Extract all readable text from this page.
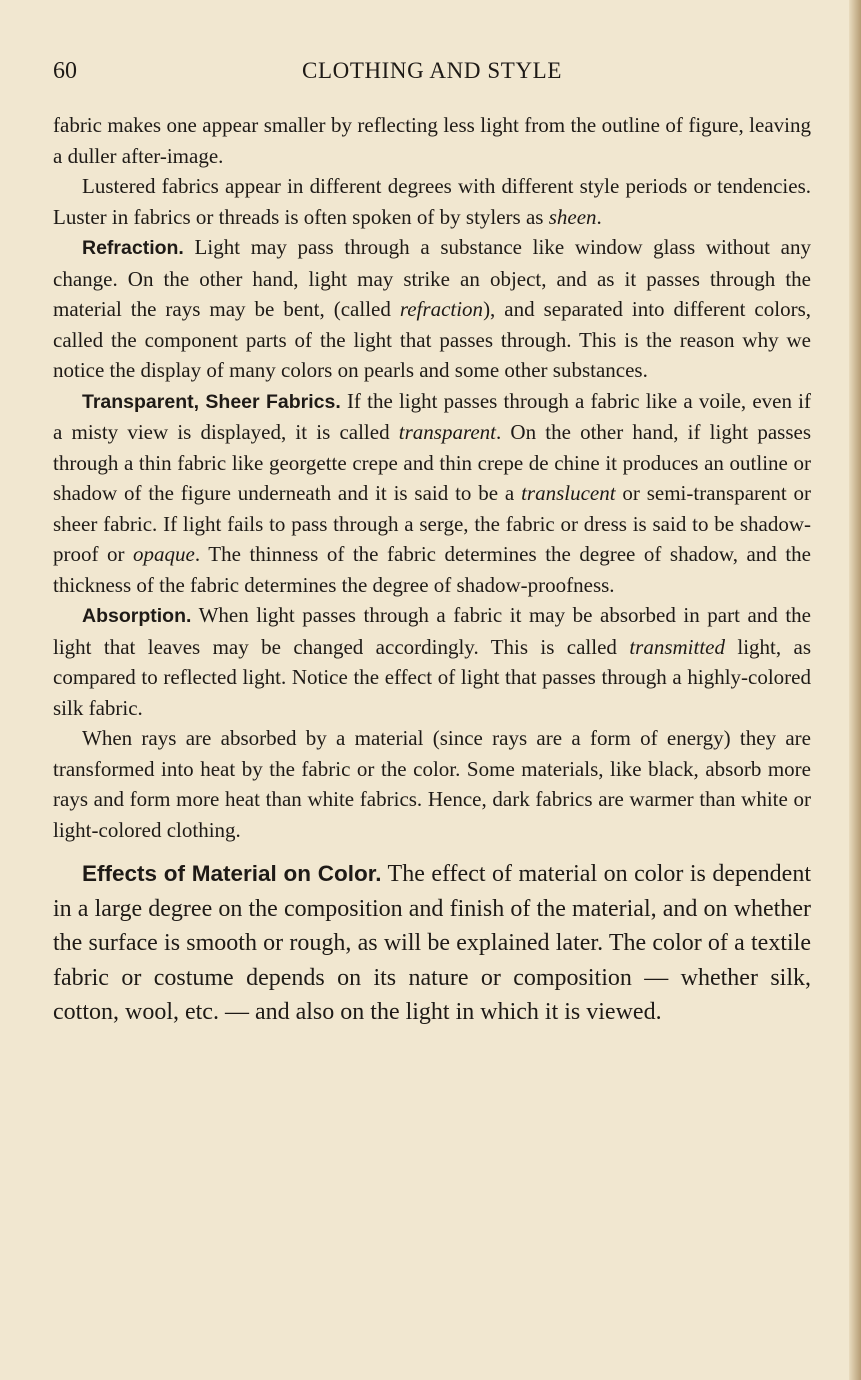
60	CLOTHING AND STYLE

fabric makes one appear smaller by reflecting less light from the outline of figure, leaving a duller after-image.

Lustered fabrics appear in different degrees with different style periods or tendencies. Luster in fabrics or threads is often spoken of by stylers as sheen.

Refraction. Light may pass through a substance like window glass without any change. On the other hand, light may strike an object, and as it passes through the material the rays may be bent, (called refraction), and separated into different colors, called the component parts of the light that passes through. This is the reason why we notice the display of many colors on pearls and some other substances.

Transparent, Sheer Fabrics. If the light passes through a fabric like a voile, even if a misty view is displayed, it is called transparent. On the other hand, if light passes through a thin fabric like georgette crepe and thin crepe de chine it produces an outline or shadow of the figure underneath and it is said to be a translucent or semi-transparent or sheer fabric. If light fails to pass through a serge, the fabric or dress is said to be shadow-proof or opaque. The thinness of the fabric determines the degree of shadow, and the thickness of the fabric determines the degree of shadow-proofness.

Absorption. When light passes through a fabric it may be absorbed in part and the light that leaves may be changed accordingly. This is called transmitted light, as compared to reflected light. Notice the effect of light that passes through a highly-colored silk fabric.

When rays are absorbed by a material (since rays are a form of energy) they are transformed into heat by the fabric or the color. Some materials, like black, absorb more rays and form more heat than white fabrics. Hence, dark fabrics are warmer than white or light-colored clothing.

Effects of Material on Color. The effect of material on color is dependent in a large degree on the composition and finish of the material, and on whether the surface is smooth or rough, as will be explained later. The color of a textile fabric or costume depends on its nature or composition — whether silk, cotton, wool, etc. — and also on the light in which it is viewed.
